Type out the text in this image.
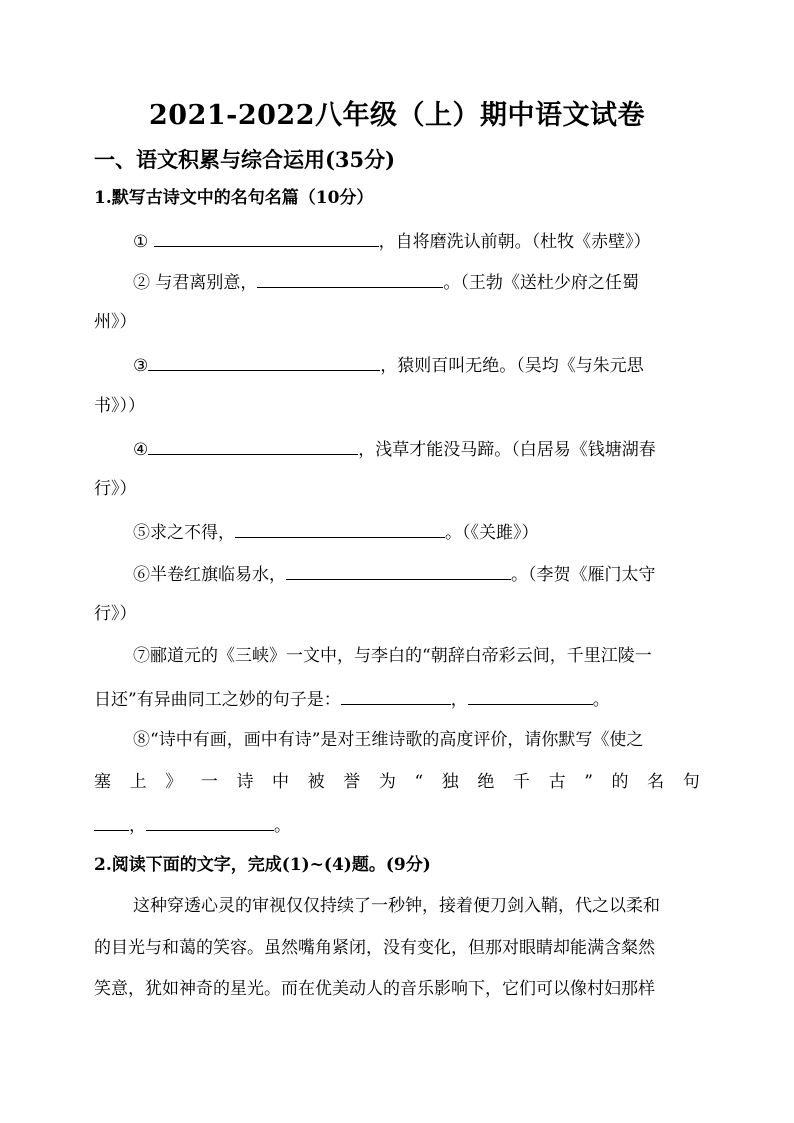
2021-2022八年级（上）期中语文试卷
一、语文积累与综合运用(35分)
1.默写古诗文中的名句名篇（10分）
①	，自将磨洗认前朝。（杜牧《赤壁》）
② 与君离别意，	。（王勃《送杜少府之任蜀
州》）
③	，猿则百叫无绝。（吴均《与朱元思
书》））
④	，浅草才能没马蹄。（白居易《钱塘湖春
行》）
⑤求之不得，	。（《关雎》）
⑥半卷红旗临易水，	。（李贺《雁门太守
行》）
⑦郦道元的《三峡》一文中，与李白的“朝辞白帝彩云间，千里江陵一
日还”有异曲同工之妙的句子是：	，	。
⑧“诗中有画，画中有诗”是对王维诗歌的高度评价，请你默写《使之
塞 上 》 一 诗 中 被 誉 为 “ 独 绝 千 古 ” 的 名 句
，	。
2.阅读下面的文字，完成(1)~(4)题。(9分)
这种穿透心灵的审视仅仅持续了一秒钟，接着便刀剑入鞘，代之以柔和
的目光与和蔼的笑容。虽然嘴角紧闭，没有变化，但那对眼睛却能满含粲然
笑意，犹如神奇的星光。而在优美动人的音乐影响下，它们可以像村妇那样
